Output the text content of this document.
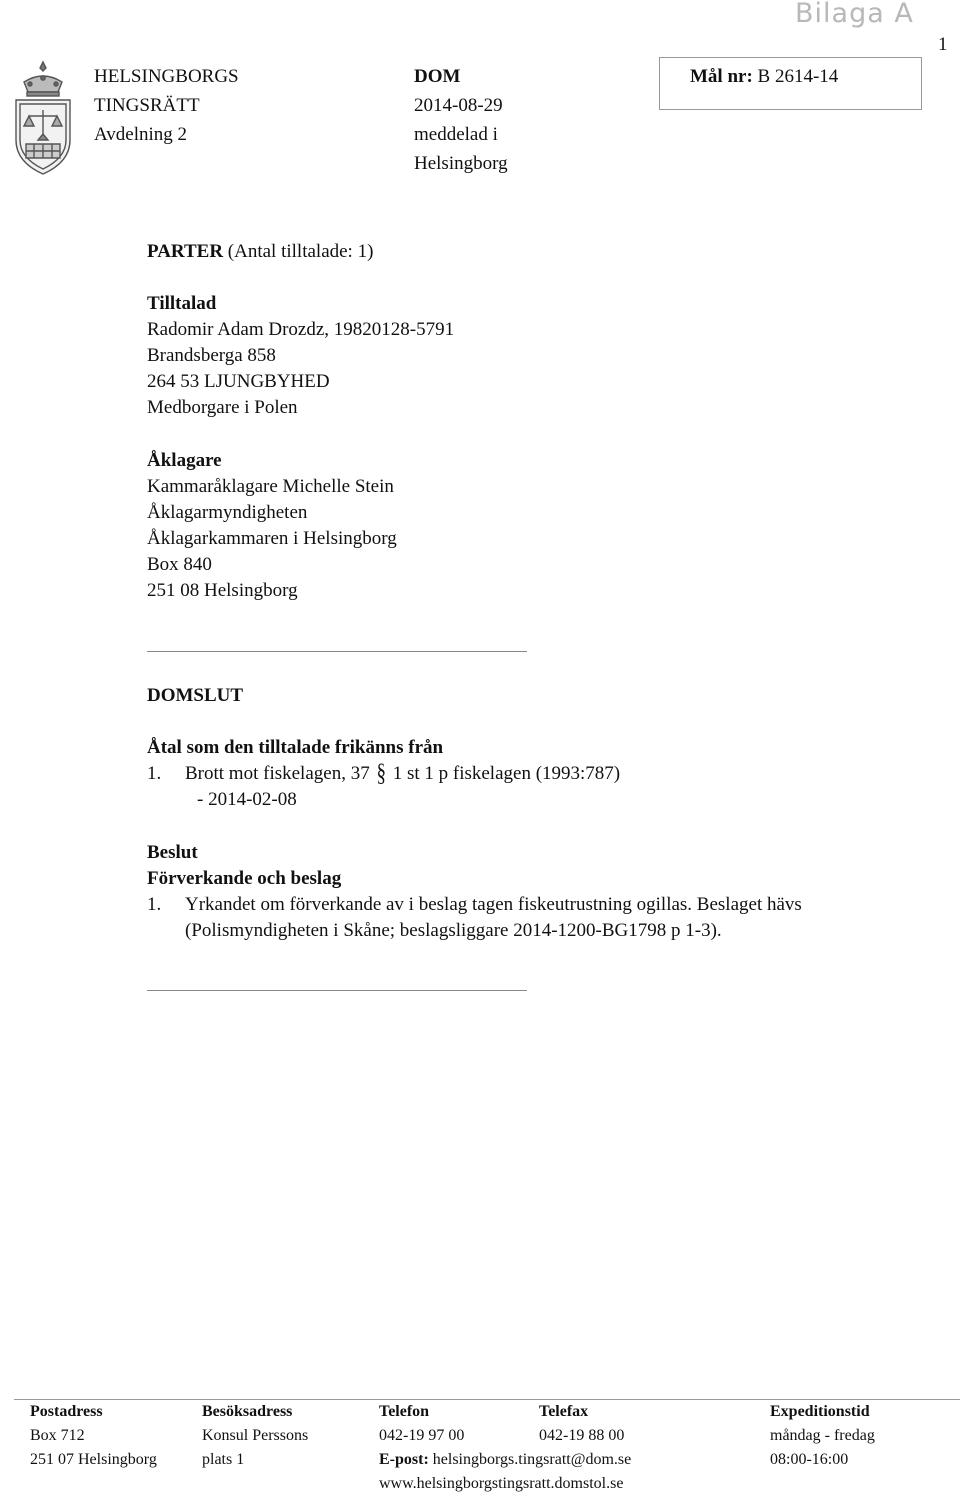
Bilaga A
1
HELSINGBORGS
TINGSRÄTT
Avdelning 2
DOM
2014-08-29
meddelad i
Helsingborg
Mål nr: B 2614-14
PARTER (Antal tilltalade: 1)
Tilltalad
Radomir Adam Drozdz, 19820128-5791
Brandsberga 858
264 53 LJUNGBYHED
Medborgare i Polen
Åklagare
Kammaråklagare Michelle Stein
Åklagarmyndigheten
Åklagarkammaren i Helsingborg
Box 840
251 08 Helsingborg
DOMSLUT
Åtal som den tilltalade frikänns från
1. Brott mot fiskelagen, 37 § 1 st 1 p fiskelagen (1993:787)
- 2014-02-08
Beslut
Förverkande och beslag
1. Yrkandet om förverkande av i beslag tagen fiskeutrustning ogillas. Beslaget hävs
(Polismyndigheten i Skåne; beslagsliggare 2014-1200-BG1798 p 1-3).
Postadress
Box 712
251 07 Helsingborg
Besöksadress
Konsul Perssons
plats 1
Telefon
042-19 97 00
E-post: helsingborgs.tingsratt@dom.se
www.helsingborgstingsratt.domstol.se
Telefax
042-19 88 00
Expeditionstid
måndag - fredag
08:00-16:00
